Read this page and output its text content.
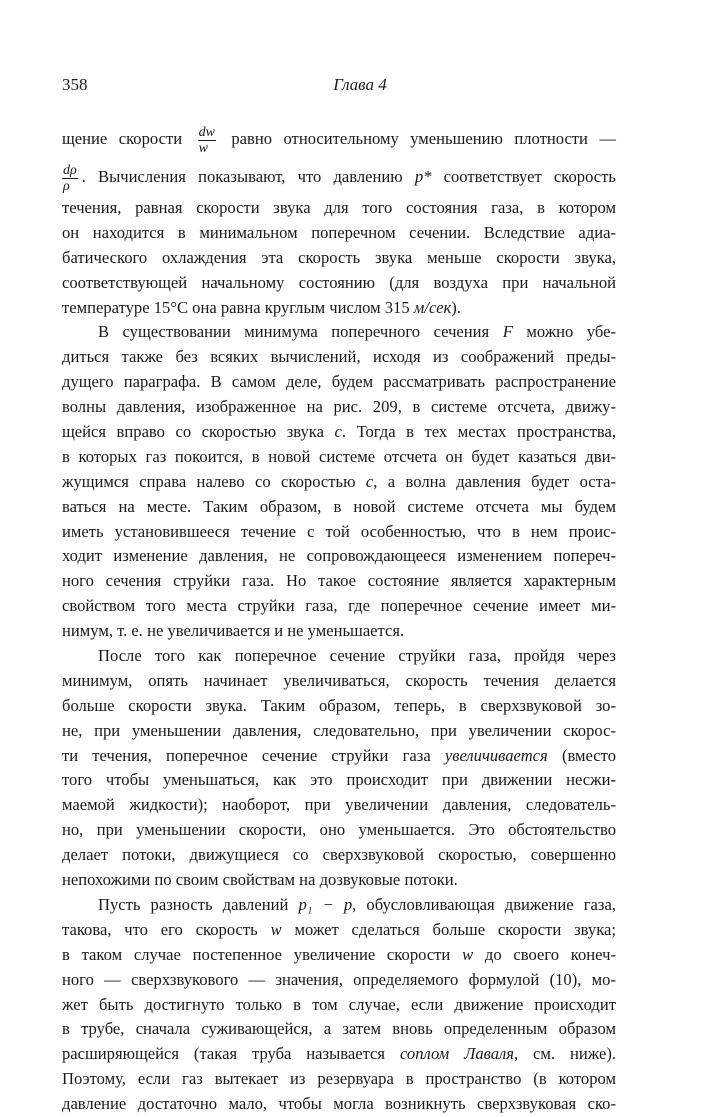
358	Глава 4
щение скорости $\frac{dw}{w}$ равно относительному уменьшению плотности —
$\frac{d\rho}{\rho}$ . Вычисления показывают, что давлению p* соответствует скорость
течения, равная скорости звука для того состояния газа, в котором
он находится в минимальном поперечном сечении. Вследствие адиа-
батического охлаждения эта скорость звука меньше скорости звука,
соответствующей начальному состоянию (для воздуха при начальной
температуре 15°C она равна круглым числом 315 м/сек).
В существовании минимума поперечного сечения F можно убе-
диться также без всяких вычислений, исходя из соображений преды-
дущего параграфа. В самом деле, будем рассматривать распространение
волны давления, изображенное на рис. 209, в системе отсчета, движу-
щейся вправо со скоростью звука c. Тогда в тех местах пространства,
в которых газ покоится, в новой системе отсчета он будет казаться дви-
жущимся справа налево со скоростью c, а волна давления будет оста-
ваться на месте. Таким образом, в новой системе отсчета мы будем
иметь установившееся течение с той особенностью, что в нем проис-
ходит изменение давления, не сопровождающееся изменением попереч-
ного сечения струйки газа. Но такое состояние является характерным
свойством того места струйки газа, где поперечное сечение имеет ми-
нимум, т. е. не увеличивается и не уменьшается.
После того как поперечное сечение струйки газа, пройдя через
минимум, опять начинает увеличиваться, скорость течения делается
больше скорости звука. Таким образом, теперь, в сверхзвуковой зо-
не, при уменьшении давления, следовательно, при увеличении скорос-
ти течения, поперечное сечение струйки газа увеличивается (вместо
того чтобы уменьшаться, как это происходит при движении несжи-
маемой жидкости); наоборот, при увеличении давления, следователь-
но, при уменьшении скорости, оно уменьшается. Это обстоятельство
делает потоки, движущиеся со сверхзвуковой скоростью, совершенно
непохожими по своим свойствам на дозвуковые потоки.
Пусть разность давлений p₁ − p, обусловливающая движение газа,
такова, что его скорость w может сделаться больше скорости звука;
в таком случае постепенное увеличение скорости w до своего конеч-
ного — сверхзвукового — значения, определяемого формулой (10), мо-
жет быть достигнуто только в том случае, если движение происходит
в трубе, сначала суживающейся, а затем вновь определенным образом
расширяющейся (такая труба называется соплом Лаваля, см. ниже).
Поэтому, если газ вытекает из резервуара в пространство (в котором
давление достаточно мало, чтобы могла возникнуть сверхзвуковая ско-
